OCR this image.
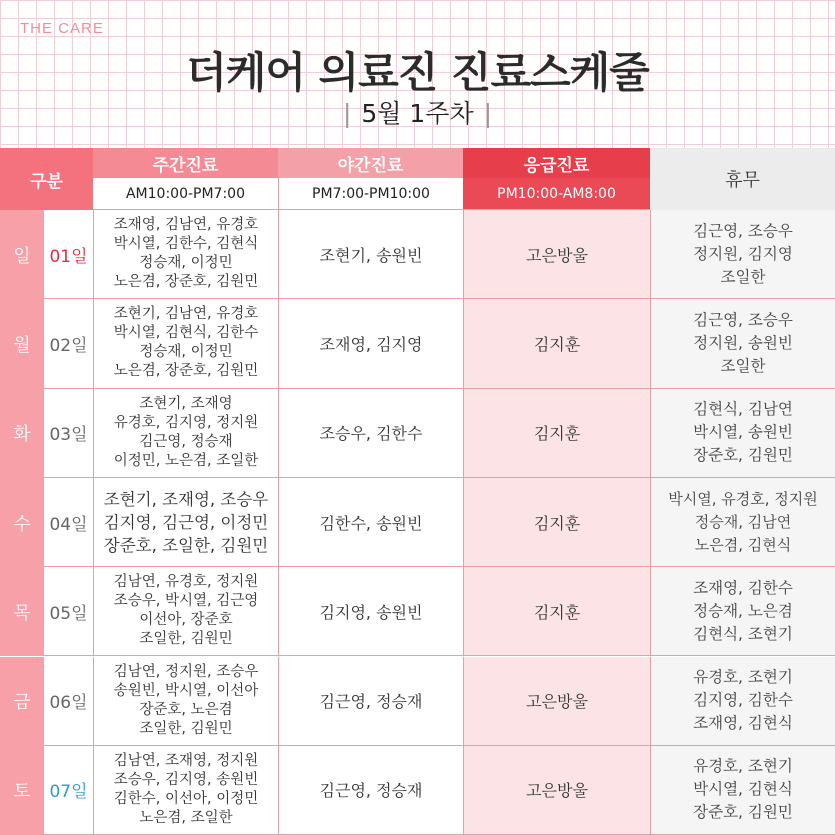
THE CARE
더케어 의료진 진료스케줄
| 5월 1주차 |
구분
주간진료
AM10:00-PM7:00
야간진료
PM7:00-PM10:00
응급진료
PM10:00-AM8:00
휴무
일	01일
조재영, 김남연, 유경호
박시열, 김한수, 김현식
정승재, 이정민
노은겸, 장준호, 김원민
조현기, 송원빈	고은방울
김근영, 조승우
정지원, 김지영
조일한
월	02일
조현기, 김남연, 유경호
박시열, 김현식, 김한수
정승재, 이정민
노은겸, 장준호, 김원민
조재영, 김지영	김지훈
김근영, 조승우
정지원, 송원빈
조일한
화	03일
조현기, 조재영
유경호, 김지영, 정지원
김근영, 정승재
이정민, 노은겸, 조일한
조승우, 김한수	김지훈
김현식, 김남연
박시열, 송원빈
장준호, 김원민
수	04일
조현기, 조재영, 조승우
김지영, 김근영, 이정민
장준호, 조일한, 김원민
김한수, 송원빈	김지훈
박시열, 유경호, 정지원
정승재, 김남연
노은겸, 김현식
목	05일
김남연, 유경호, 정지원
조승우, 박시열, 김근영
이선아, 장준호
조일한, 김원민
김지영, 송원빈	김지훈
조재영, 김한수
정승재, 노은겸
김현식, 조현기
금	06일
김남연, 정지원, 조승우
송원빈, 박시열, 이선아
장준호, 노은겸
조일한, 김원민
김근영, 정승재	고은방울
유경호, 조현기
김지영, 김한수
조재영, 김현식
토	07일
김남연, 조재영, 정지원
조승우, 김지영, 송원빈
김한수, 이선아, 이정민
노은겸, 조일한
김근영, 정승재	고은방울
유경호, 조현기
박시열, 김현식
장준호, 김원민
